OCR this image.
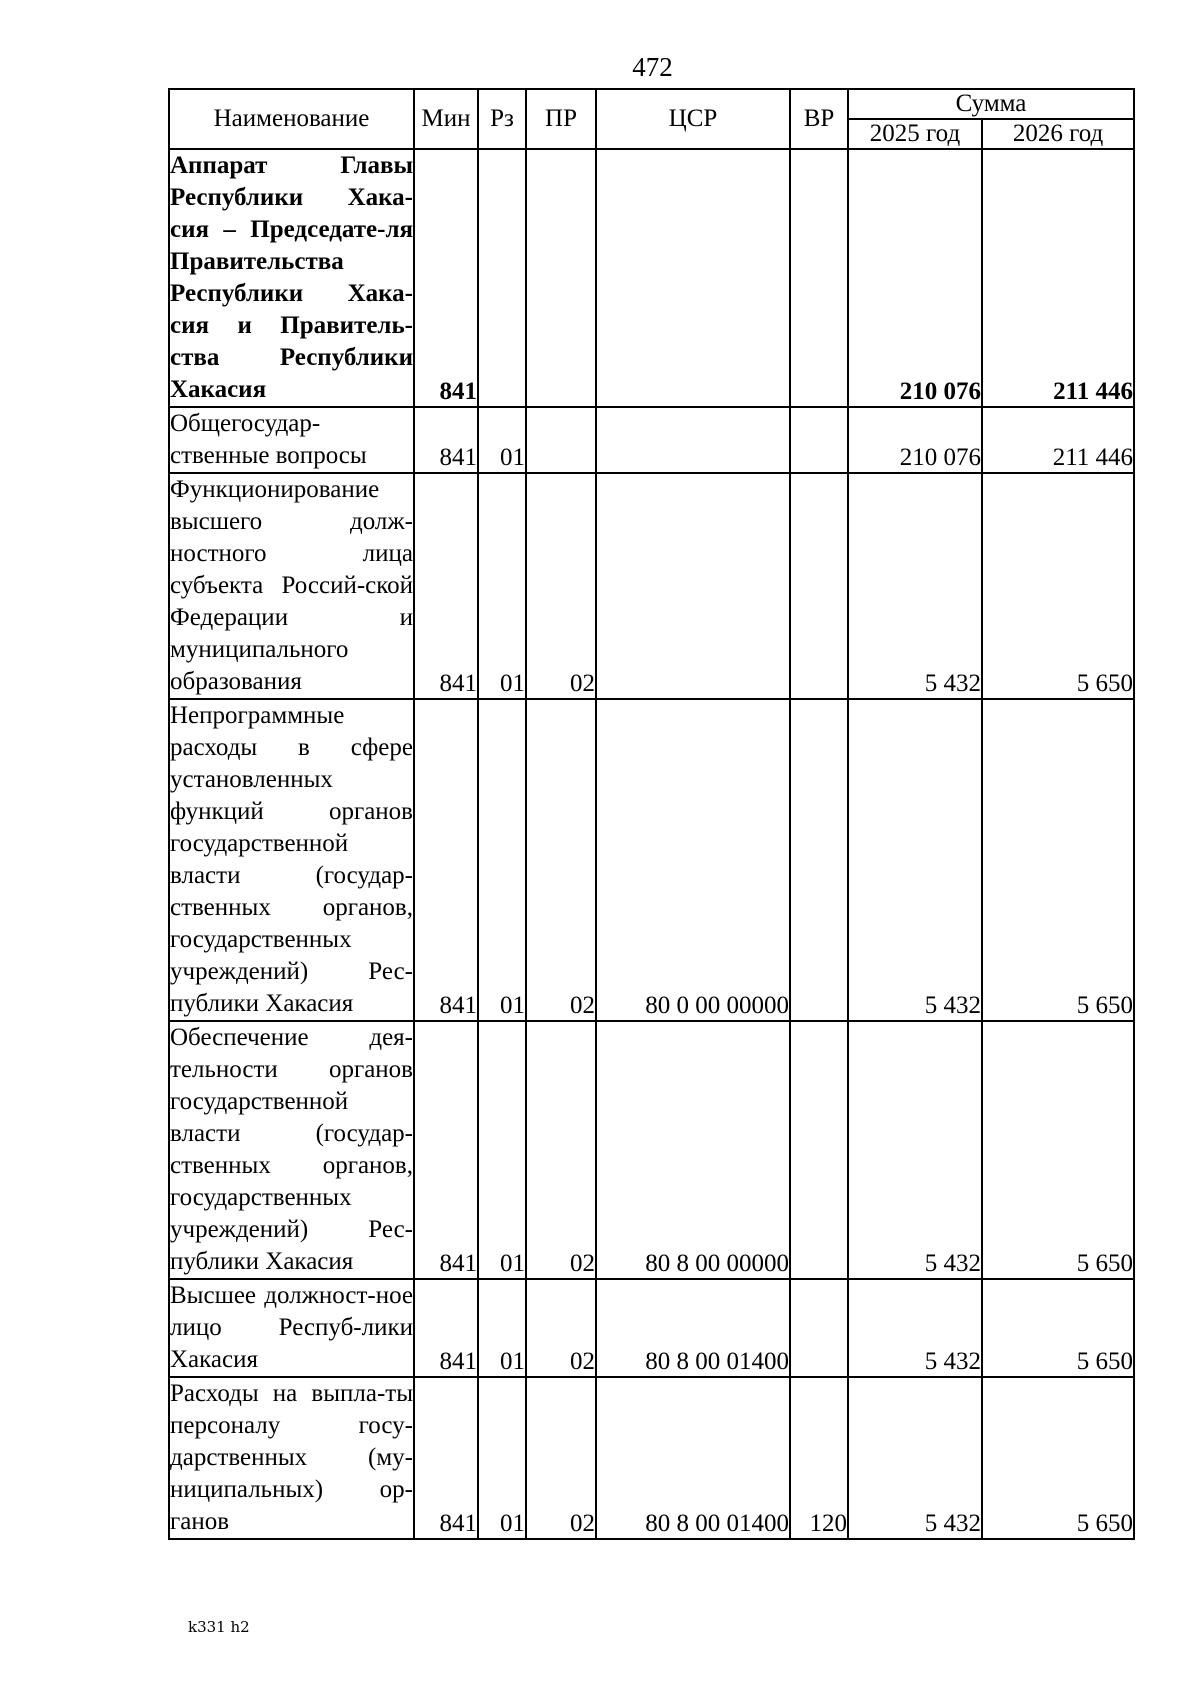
472
Наименование	Мин	Рз	ПР	ЦСР	ВР	Сумма	
						2025 год	2026 год
Аппарат Главы Республики Хака-сия – Председате-ля Правительства Республики Хака-сия и Правитель-ства Республики Хакасия	841					210 076	211 446
Общегосудар-ственные вопросы	841	01				210 076	211 446
Функционирование высшего долж-ностного лица субъекта Россий-ской Федерации и муниципального образования	841	01	02			5 432	5 650
Непрограммные расходы в сфере установленных функций органов государственной власти (государ-ственных органов, государственных учреждений) Рес-публики Хакасия	841	01	02	80 0 00 00000		5 432	5 650
Обеспечение дея-тельности органов государственной власти (государ-ственных органов, государственных учреждений) Рес-публики Хакасия	841	01	02	80 8 00 00000		5 432	5 650
Высшее должност-ное лицо Респуб-лики Хакасия	841	01	02	80 8 00 01400		5 432	5 650
Расходы на выпла-ты персоналу госу-дарственных (му-ниципальных) ор-ганов	841	01	02	80 8 00 01400	120	5 432	5 650
k331 h2
